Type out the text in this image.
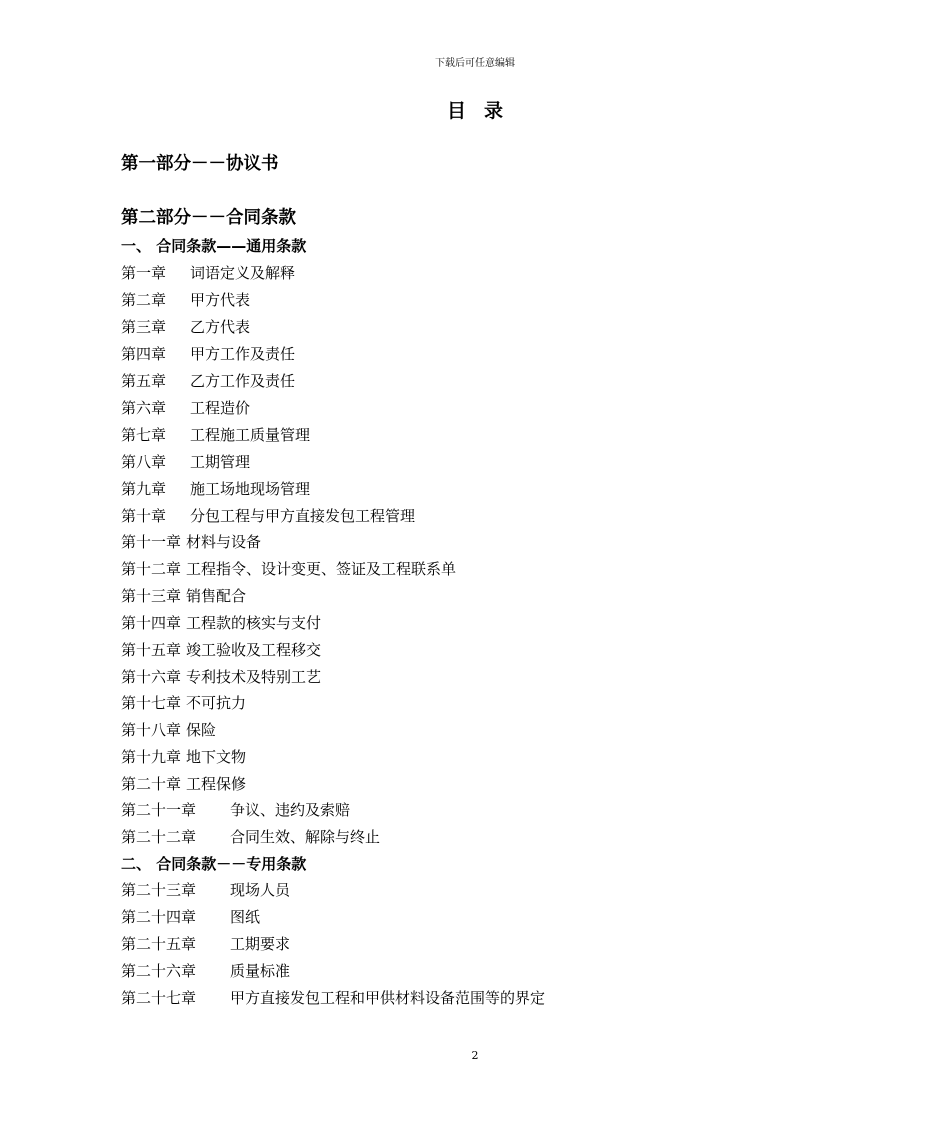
下载后可任意编辑
目录
第一部分－－协议书
第二部分－－合同条款
一、 合同条款——通用条款
第一章 词语定义及解释
第二章 甲方代表
第三章 乙方代表
第四章 甲方工作及责任
第五章 乙方工作及责任
第六章 工程造价
第七章 工程施工质量管理
第八章 工期管理
第九章 施工场地现场管理
第十章 分包工程与甲方直接发包工程管理
第十一章 材料与设备
第十二章 工程指令、设计变更、签证及工程联系单
第十三章 销售配合
第十四章 工程款的核实与支付
第十五章 竣工验收及工程移交
第十六章 专利技术及特别工艺
第十七章 不可抗力
第十八章 保险
第十九章 地下文物
第二十章 工程保修
第二十一章 争议、违约及索赔
第二十二章 合同生效、解除与终止
二、 合同条款－－专用条款
第二十三章 现场人员
第二十四章 图纸
第二十五章 工期要求
第二十六章 质量标准
第二十七章 甲方直接发包工程和甲供材料设备范围等的界定
2
